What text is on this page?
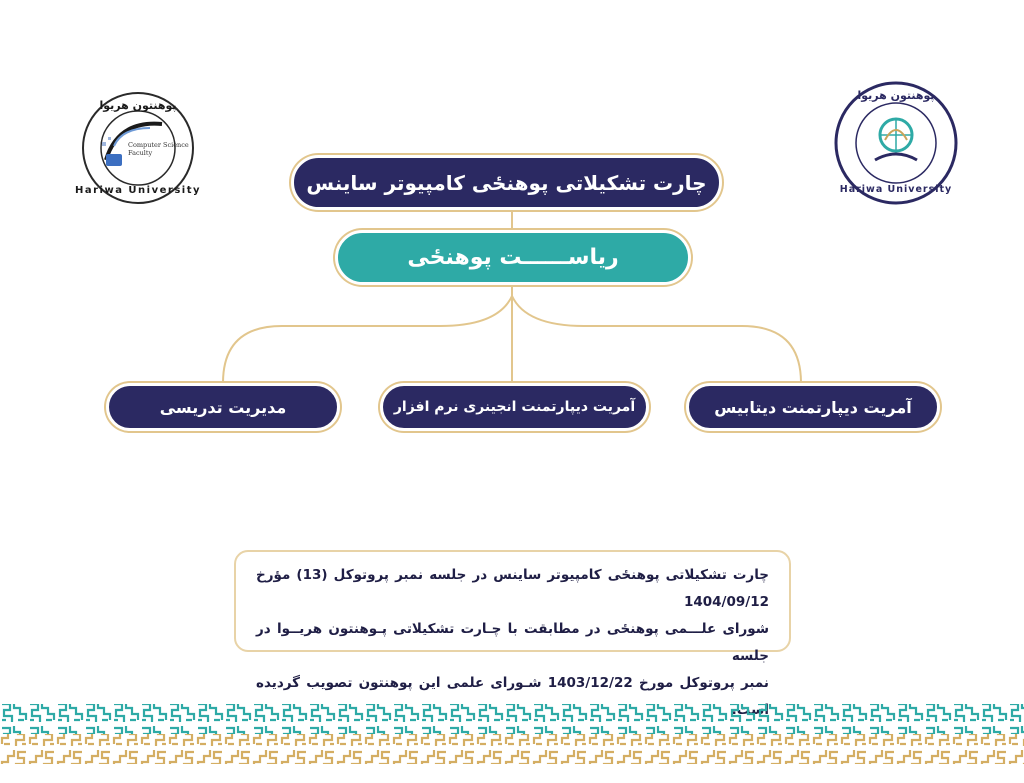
Computer Science
Faculty
پوهنتون هریوا
Hariwa University
پوهنتون هریوا
Hariwa University
چارت تشکیلاتی پوهنځی کامپیوتر ساینس
ریاســــــت پوهنځی
آمریت دیپارتمنت دیتابیس
آمریت دیپارتمنت انجینری نرم افزار
مدیریت تدریسی

چارت تشکیلاتی پوهنځی کامپیوتر ساینس در جلسه نمبر پروتوکل (13) مؤرخ 1404/09/12

شورای علـــمی پوهنځی در مطابقت با چـارت تشکیلاتی پـوهنتون هریــوا در جلسه

نمبر پروتوکل مورخ 1403/12/22 شـورای علمی این پوهنتون تصویب گردیده
